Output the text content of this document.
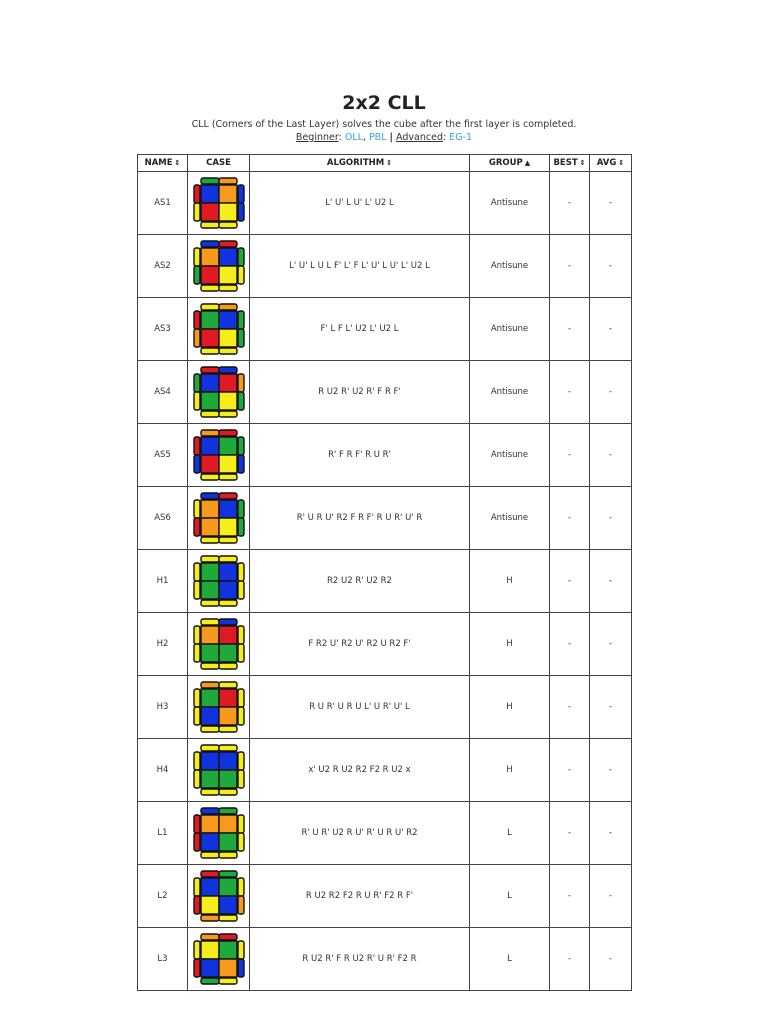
2x2 CLL
CLL (Corners of the Last Layer) solves the cube after the first layer is completed.
Beginner: OLL, PBL | Advanced: EG-1
NAME ⇕	CASE	ALGORITHM ⇕	GROUP ▲	BEST ⇕	AVG ⇕
AS1		L' U' L U' L' U2 L	Antisune	-	-
AS2		L' U' L U L F' L' F L' U' L U' L' U2 L	Antisune	-	-
AS3		F' L F L' U2 L' U2 L	Antisune	-	-
AS4		R U2 R' U2 R' F R F'	Antisune	-	-
AS5		R' F R F' R U R'	Antisune	-	-
AS6		R' U R U' R2 F R F' R U R' U' R	Antisune	-	-
H1		R2 U2 R' U2 R2	H	-	-
H2		F R2 U' R2 U' R2 U R2 F'	H	-	-
H3		R U R' U R U L' U R' U' L	H	-	-
H4		x' U2 R U2 R2 F2 R U2 x	H	-	-
L1		R' U R' U2 R U' R' U R U' R2	L	-	-
L2		R U2 R2 F2 R U R' F2 R F'	L	-	-
L3		R U2 R' F R U2 R' U R' F2 R	L	-	-
